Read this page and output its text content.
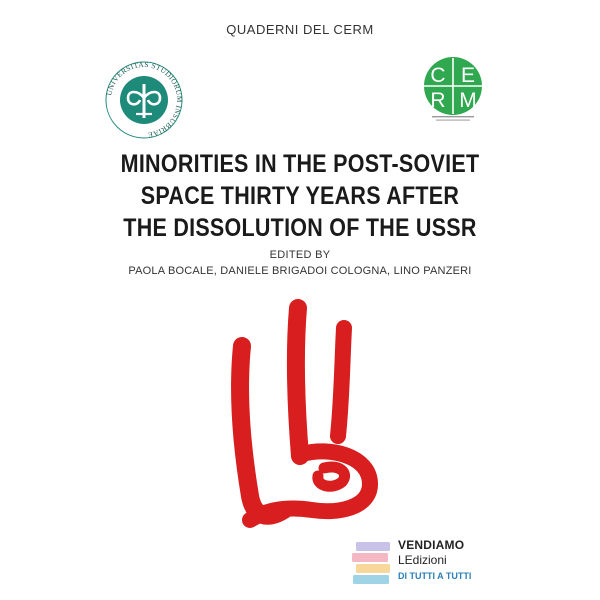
QUADERNI DEL CERM
UNIVERSITAS STUDIORUM INSUBRIAE
C E
R M
MINORITIES IN THE POST-SOVIET
SPACE THIRTY YEARS AFTER
THE DISSOLUTION OF THE USSR
EDITED BY
PAOLA BOCALE, DANIELE BRIGADOI COLOGNA, LINO PANZERI
VENDIAMO
LEdizioni
DI TUTTI A TUTTI
